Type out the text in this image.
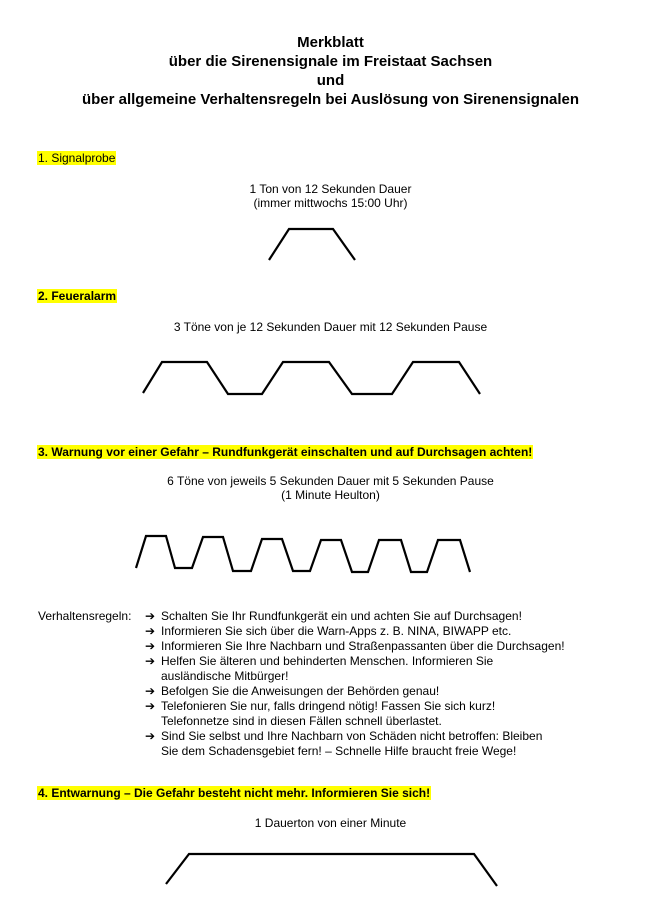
Merkblatt
über die Sirenensignale im Freistaat Sachsen
und
über allgemeine Verhaltensregeln bei Auslösung von Sirenensignalen
1. Signalprobe
1 Ton von 12 Sekunden Dauer
(immer mittwochs 15:00 Uhr)
2. Feueralarm
3 Töne von je 12 Sekunden Dauer mit 12 Sekunden Pause
3. Warnung vor einer Gefahr – Rundfunkgerät einschalten und auf Durchsagen achten!
6 Töne von jeweils 5 Sekunden Dauer mit 5 Sekunden Pause
(1 Minute Heulton)
Verhaltensregeln: ➔ Schalten Sie Ihr Rundfunkgerät ein und achten Sie auf Durchsagen!
➔ Informieren Sie sich über die Warn-Apps z. B. NINA, BIWAPP etc.
➔ Informieren Sie Ihre Nachbarn und Straßenpassanten über die Durchsagen!
➔ Helfen Sie älteren und behinderten Menschen. Informieren Sie
ausländische Mitbürger!
➔ Befolgen Sie die Anweisungen der Behörden genau!
➔ Telefonieren Sie nur, falls dringend nötig! Fassen Sie sich kurz!
Telefonnetze sind in diesen Fällen schnell überlastet.
➔ Sind Sie selbst und Ihre Nachbarn von Schäden nicht betroffen: Bleiben
Sie dem Schadensgebiet fern! – Schnelle Hilfe braucht freie Wege!
4. Entwarnung – Die Gefahr besteht nicht mehr. Informieren Sie sich!
1 Dauerton von einer Minute
